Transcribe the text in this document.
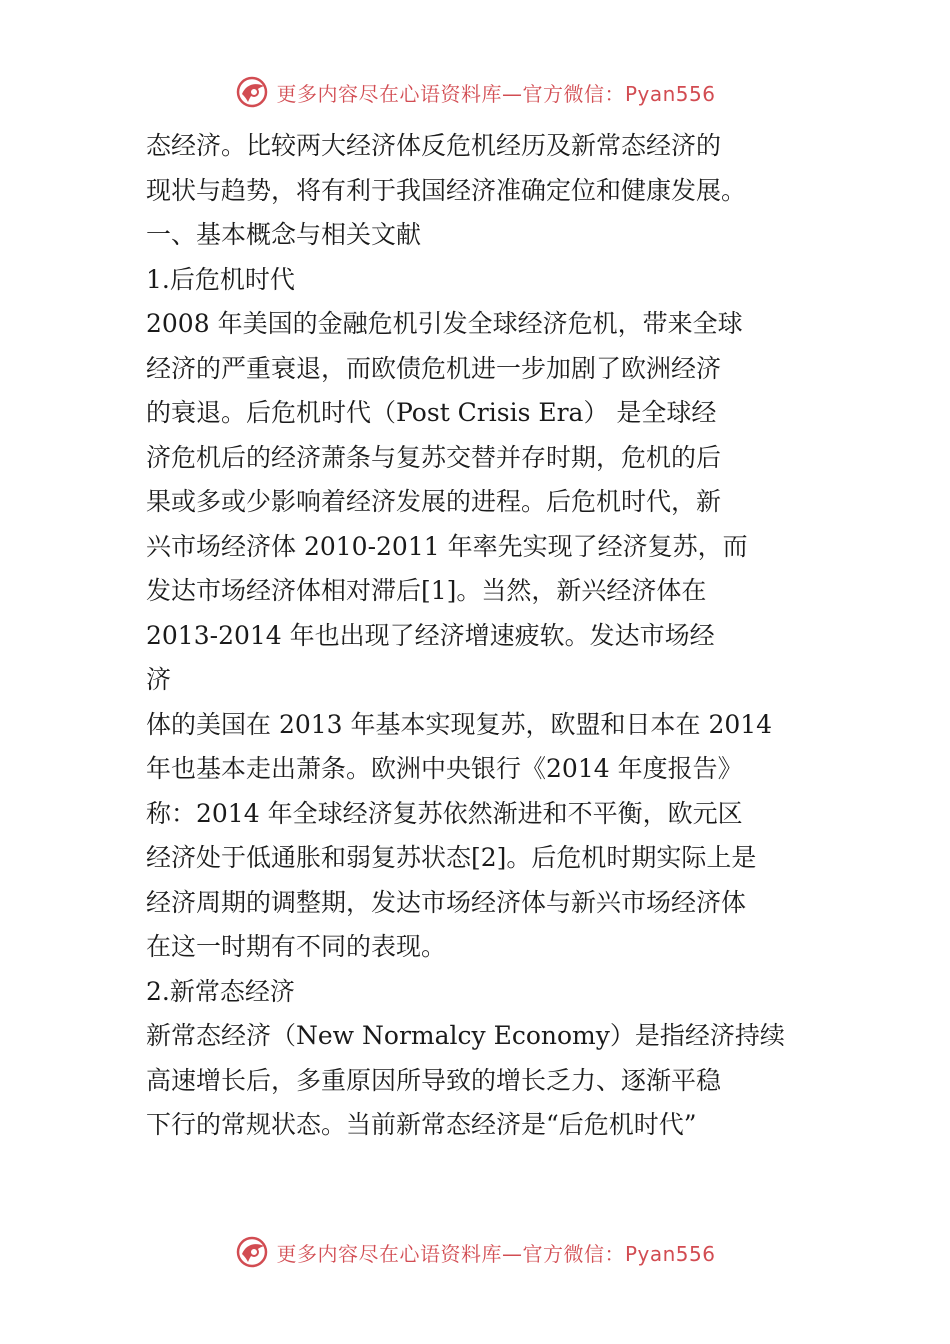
更多内容尽在心语资料库—官方微信：Pyan556
态经济。比较两大经济体反危机经历及新常态经济的
现状与趋势，将有利于我国经济准确定位和健康发展。
一、基本概念与相关文献
1.后危机时代
2008 年美国的金融危机引发全球经济危机，带来全球
经济的严重衰退，而欧债危机进一步加剧了欧洲经济
的衰退。后危机时代（Post Crisis Era） 是全球经
济危机后的经济萧条与复苏交替并存时期，危机的后
果或多或少影响着经济发展的进程。后危机时代，新
兴市场经济体 2010-2011 年率先实现了经济复苏，而
发达市场经济体相对滞后[1]。当然，新兴经济体在
2013-2014 年也出现了经济增速疲软。发达市场经
济
体的美国在 2013 年基本实现复苏，欧盟和日本在 2014
年也基本走出萧条。欧洲中央银行《2014 年度报告》
称：2014 年全球经济复苏依然渐进和不平衡，欧元区
经济处于低通胀和弱复苏状态[2]。后危机时期实际上是
经济周期的调整期，发达市场经济体与新兴市场经济体
在这一时期有不同的表现。
2.新常态经济
新常态经济（New Normalcy Economy）是指经济持续
高速增长后，多重原因所导致的增长乏力、逐渐平稳
下行的常规状态。当前新常态经济是“后危机时代”
更多内容尽在心语资料库—官方微信：Pyan556
